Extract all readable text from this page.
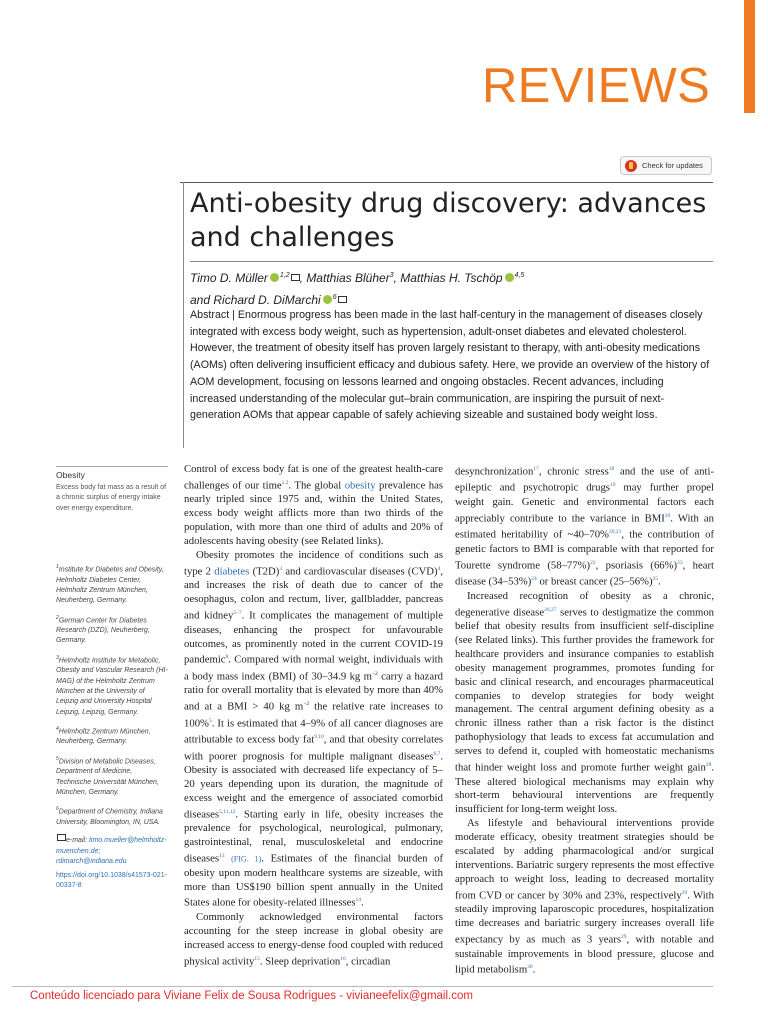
REVIEWS
Check for updates
Anti-obesity drug discovery: advances and challenges

Timo D. Müller $^{1,2}$ , Matthias Blüher$^3$, Matthias H. Tschöp $^{4,5}$
and Richard D. DiMarchi $^6$

Abstract | Enormous progress has been made in the last half-century in the management of diseases closely integrated with excess body weight, such as hypertension, adult-onset diabetes and elevated cholesterol. However, the treatment of obesity itself has proven largely resistant to therapy, with anti-obesity medications (AOMs) often delivering insufficient efficacy and dubious safety. Here, we provide an overview of the history of AOM development, focusing on lessons learned and ongoing obstacles. Recent advances, including increased understanding of the molecular gut–brain communication, are inspiring the pursuit of next-generation AOMs that appear capable of safely achieving sizeable and sustained body weight loss.

Obesity

Excess body fat mass as a result of a chronic surplus of energy intake over energy expenditure.

$^1$Institute for Diabetes and Obesity, Helmholtz Diabetes Center, Helmholtz Zentrum München, Neuherberg, Germany.

$^2$German Center for Diabetes Research (DZD), Neuherberg, Germany.

$^3$Helmholtz Institute for Metabolic, Obesity and Vascular Research (HI-MAG) of the Helmholtz Zentrum München at the University of Leipzig and University Hospital Leipzig, Leipzig, Germany.

$^4$Helmholtz Zentrum München, Neuherberg, Germany.

$^5$Division of Metabolic Diseases, Department of Medicine, Technische Universität München, München, Germany.

$^6$Department of Chemistry, Indiana University, Bloomington, IN, USA.

e-mail: timo.mueller@helmholtz-muenchen.de; rdimarch@indiana.edu

https://doi.org/10.1038/s41573-021-00337-8

Control of excess body fat is one of the greatest health-care challenges of our time$^{1,2}$. The global obesity prevalence has nearly tripled since 1975 and, within the United States, excess body weight afflicts more than two thirds of the population, with more than one third of adults and 20% of adolescents having obesity (see Related links).

Obesity promotes the incidence of conditions such as type 2 diabetes $(T2D)^3$ and cardiovascular diseases (CVD)$^4$, and increases the risk of death due to cancer of the oesophagus, colon and rectum, liver, gallbladder, pancreas and kidney$^{5-7}$. It complicates the management of multiple diseases, enhancing the prospect for unfavourable outcomes, as prominently noted in the current COVID-19 pandemic$^8$. Compared with normal weight, individuals with a body mass index (BMI) of 30–34.9 kg $m^{-2}$ carry a hazard ratio for overall mortality that is elevated by more than 40% and at a BMI > 40 kg $m^{-2}$ the relative rate increases to 100%$^5$. It is estimated that 4–9% of all cancer diagnoses are attributable to excess body fat$^{9,10}$, and that obesity correlates with poorer prognosis for multiple malignant diseases$^{6,7}$. Obesity is associated with decreased life expectancy of 5–20 years depending upon its duration, the magnitude of excess weight and the emergence of associated comorbid diseases$^{5,11,12}$. Starting early in life, obesity increases the prevalence for psychological, neurological, pulmonary, gastrointestinal, renal, musculoskeletal and endocrine diseases$^{13}$ (FIG. 1). Estimates of the financial burden of obesity upon modern healthcare systems are sizeable, with more than US$190 billion spent annually in the United States alone for obesity-related illnesses$^{14}$.

Commonly acknowledged environmental factors accounting for the steep increase in global obesity are increased access to energy-dense food coupled with reduced physical activity$^{15}$. Sleep deprivation$^{16}$, circadian

desynchronization$^{17}$, chronic stress$^{18}$ and the use of anti-epileptic and psychotropic drugs$^{19}$ may further propel weight gain. Genetic and environmental factors each appreciably contribute to the variance in BMI$^{20}$. With an estimated heritability of ~40–70%$^{20,21}$, the contribution of genetic factors to BMI is comparable with that reported for Tourette syndrome $(58-77\%)^{22}$, psoriasis $(66\%)^{23}$, heart disease $(34-53\%)^{24}$ or breast cancer $(25-56\%)^{25}$.

Increased recognition of obesity as a chronic, degenerative disease$^{26,27}$ serves to destigmatize the common belief that obesity results from insufficient self-discipline (see Related links). This further provides the framework for healthcare providers and insurance companies to establish obesity management programmes, promotes funding for basic and clinical research, and encourages pharmaceutical companies to develop strategies for body weight management. The central argument defining obesity as a chronic illness rather than a risk factor is the distinct pathophysiology that leads to excess fat accumulation and serves to defend it, coupled with homeostatic mechanisms that hinder weight loss and promote further weight gain$^{28}$. These altered biological mechanisms may explain why short-term behavioural interventions are frequently insufficient for long-term weight loss.

As lifestyle and behavioural interventions provide moderate efficacy, obesity treatment strategies should be escalated by adding pharmacological and/or surgical interventions. Bariatric surgery represents the most effective approach to weight loss, leading to decreased mortality from CVD or cancer by 30% and 23%, respectively$^{29}$. With steadily improving laparoscopic procedures, hospitalization time decreases and bariatric surgery increases overall life expectancy by as much as 3 years$^{29}$, with notable and sustainable improvements in blood pressure, glucose and lipid metabolism$^{30}$.

Conteúdo licenciado para Viviane Felix de Sousa Rodrigues - vivianeefelix@gmail.com
